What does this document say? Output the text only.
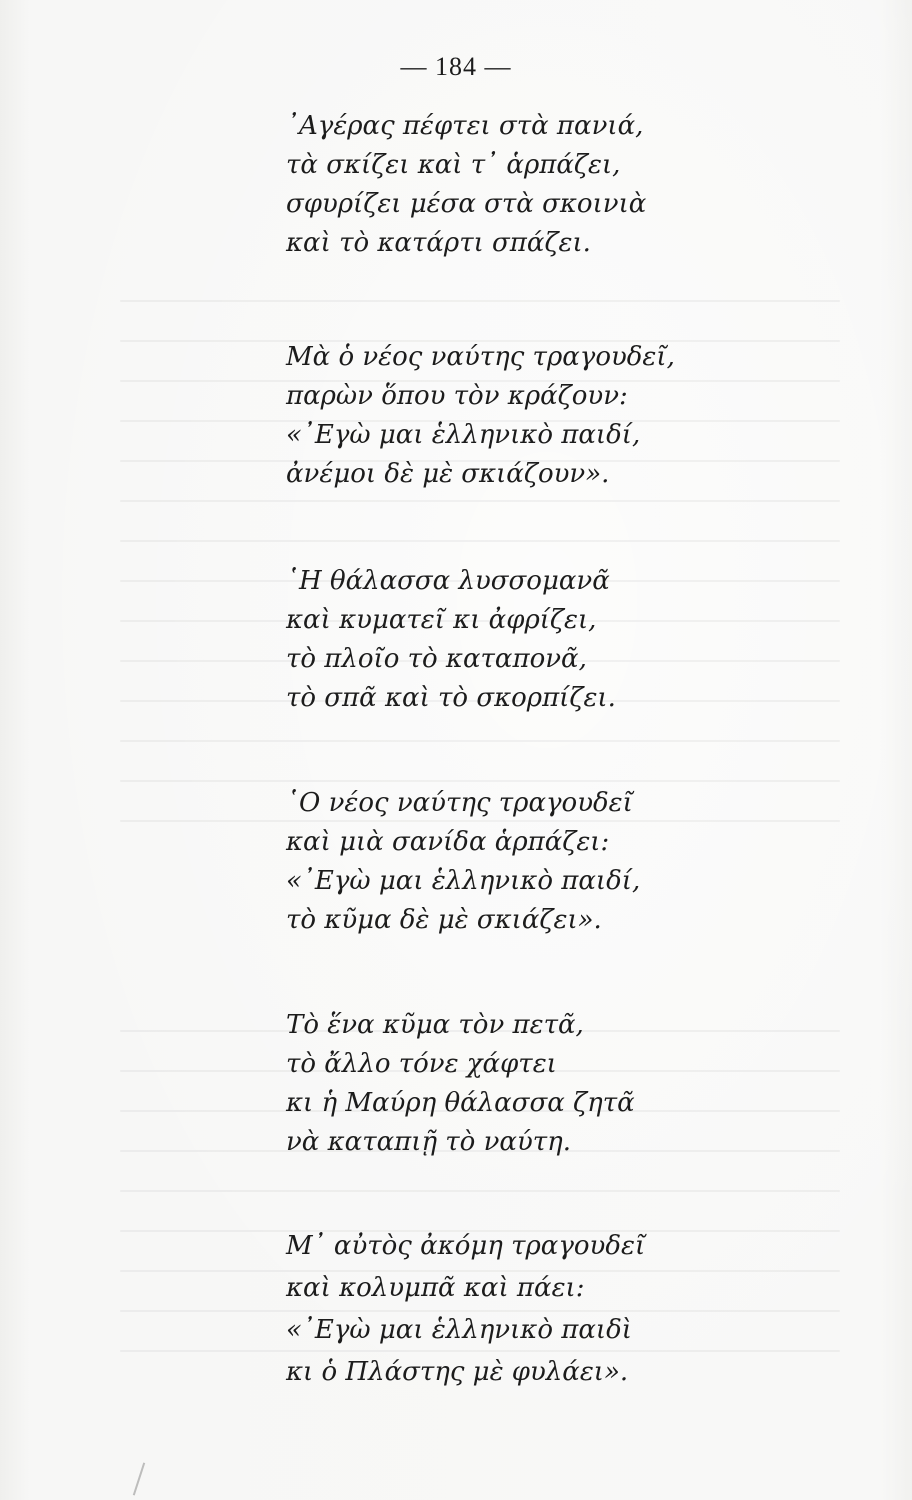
— 184 —
᾿Αγέρας πέφτει στὰ πανιά,
τὰ σκίζει καὶ τ᾿ ἁρπάζει,
σφυρίζει μέσα στὰ σκοινιὰ
καὶ τὸ κατάρτι σπάζει.
Μὰ ὁ νέος ναύτης τραγουδεῖ,
παρὼν ὅπου τὸν κράζουν:
«᾿Εγὼ μαι ἑλληνικὸ παιδί,
ἀνέμοι δὲ μὲ σκιάζουν».
῾Η θάλασσα λυσσομανᾶ
καὶ κυματεῖ κι ἀφρίζει,
τὸ πλοῖο τὸ καταπονᾶ,
τὸ σπᾶ καὶ τὸ σκορπίζει.
῾Ο νέος ναύτης τραγουδεῖ
καὶ μιὰ σανίδα ἁρπάζει:
«᾿Εγὼ μαι ἑλληνικὸ παιδί,
τὸ κῦμα δὲ μὲ σκιάζει».
Τὸ ἕνα κῦμα τὸν πετᾶ,
τὸ ἄλλο τόνε χάφτει
κι ἡ Μαύρη θάλασσα ζητᾶ
νὰ καταπιῇ τὸ ναύτη.
Μ᾿ αὐτὸς ἀκόμη τραγουδεῖ
καὶ κολυμπᾶ καὶ πάει:
«᾿Εγὼ μαι ἑλληνικὸ παιδὶ
κι ὁ Πλάστης μὲ φυλάει».
